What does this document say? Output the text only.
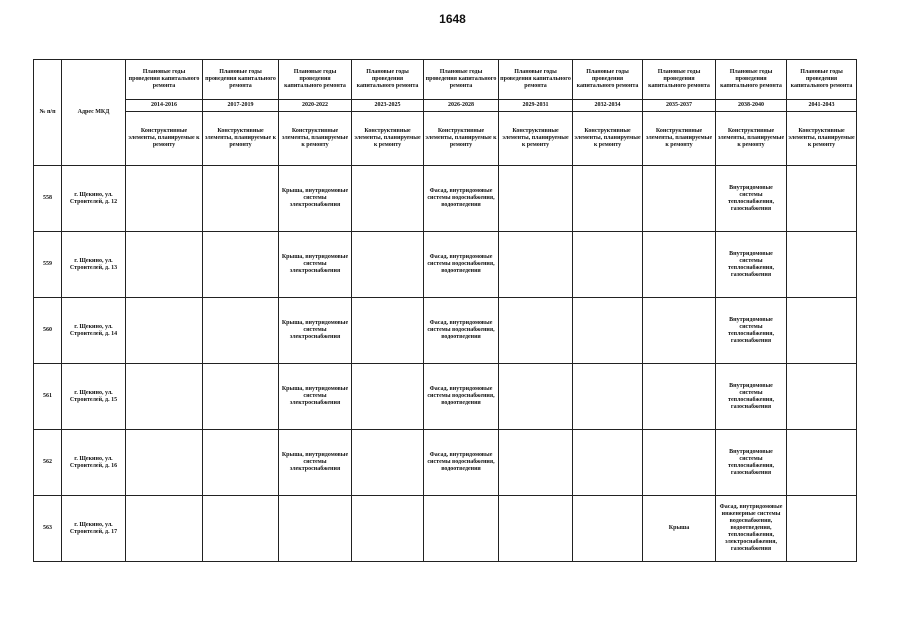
1648
№ п/п	Адрес МКД	Плановые годы проведения капитального ремонта	Плановые годы проведения капитального ремонта	Плановые годы проведения капитального ремонта	Плановые годы проведения капитального ремонта	Плановые годы проведения капитального ремонта	Плановые годы проведения капитального ремонта	Плановые годы проведения капитального ремонта	Плановые годы проведения капитального ремонта	Плановые годы проведения капитального ремонта	Плановые годы проведения капитального ремонта
		2014-2016	2017-2019	2020-2022	2023-2025	2026-2028	2029-2031	2032-2034	2035-2037	2038-2040	2041-2043
		Конструктивные элементы, планируемые к ремонту	Конструктивные элементы, планируемые к ремонту	Конструктивные элементы, планируемые к ремонту	Конструктивные элементы, планируемые к ремонту	Конструктивные элементы, планируемые к ремонту	Конструктивные элементы, планируемые к ремонту	Конструктивные элементы, планируемые к ремонту	Конструктивные элементы, планируемые к ремонту	Конструктивные элементы, планируемые к ремонту	Конструктивные элементы, планируемые к ремонту
558	г. Щекино, ул. Строителей, д. 12			Крыша, внутридомовые системы электроснабжения		Фасад, внутридомовые системы водоснабжения, водоотведения				Внутридомовые системы теплоснабжения, газоснабжения	
559	г. Щекино, ул. Строителей, д. 13			Крыша, внутридомовые системы электроснабжения		Фасад, внутридомовые системы водоснабжения, водоотведения				Внутридомовые системы теплоснабжения, газоснабжения	
560	г. Щекино, ул. Строителей, д. 14			Крыша, внутридомовые системы электроснабжения		Фасад, внутридомовые системы водоснабжения, водоотведения				Внутридомовые системы теплоснабжения, газоснабжения	
561	г. Щекино, ул. Строителей, д. 15			Крыша, внутридомовые системы электроснабжения		Фасад, внутридомовые системы водоснабжения, водоотведения				Внутридомовые системы теплоснабжения, газоснабжения	
562	г. Щекино, ул. Строителей, д. 16			Крыша, внутридомовые системы электроснабжения		Фасад, внутридомовые системы водоснабжения, водоотведения				Внутридомовые системы теплоснабжения, газоснабжения	
563	г. Щекино, ул. Строителей, д. 17								Крыша	Фасад, внутридомовые инженерные системы водоснабжения, водоотведения, теплоснабжения, электроснабжения, газоснабжения	
